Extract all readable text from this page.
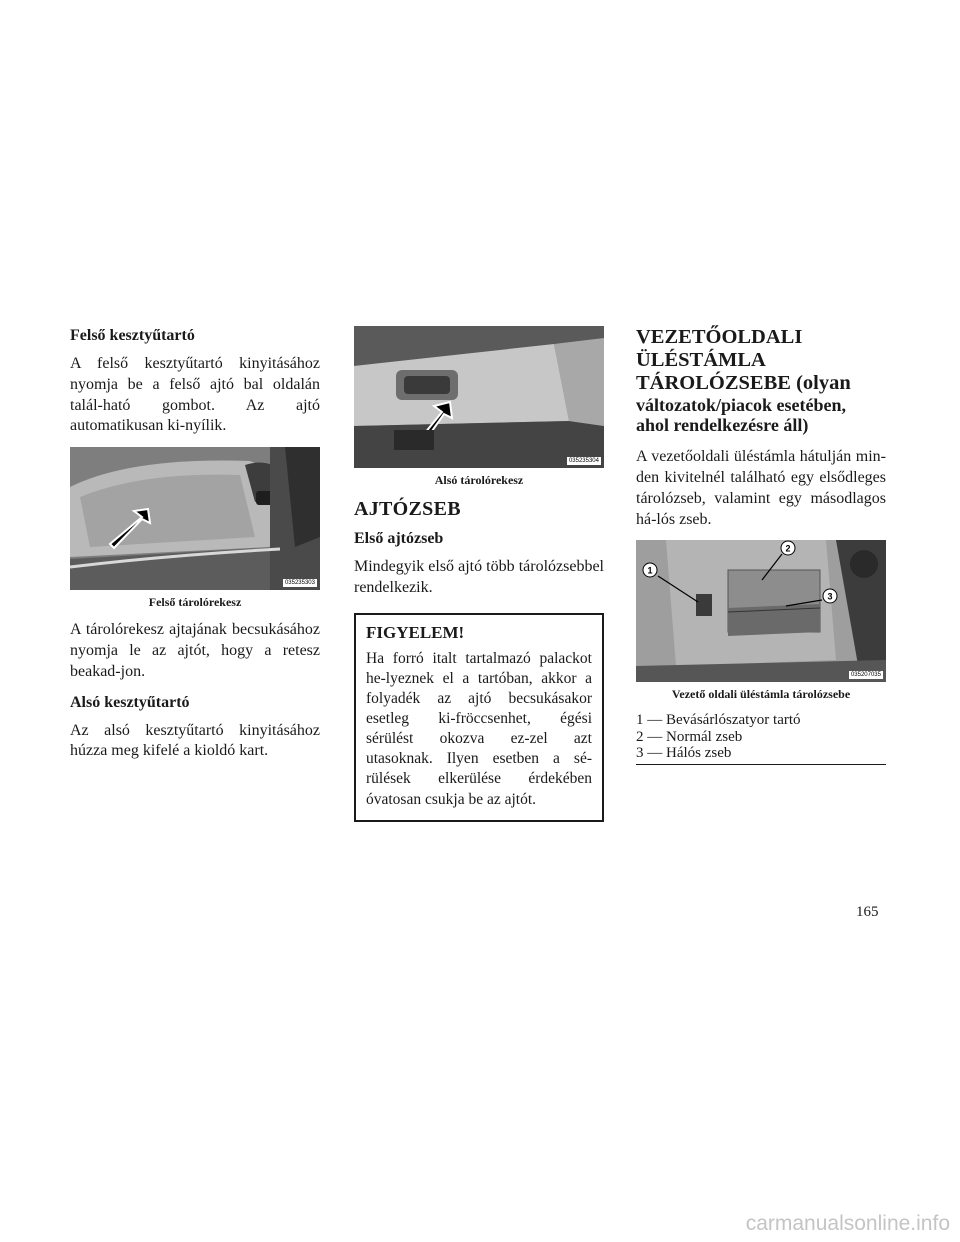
Felső kesztyűtartó

A felső kesztyűtartó kinyitásához nyomja be a felső ajtó bal oldalán talál-ható gombot. Az ajtó automatikusan ki-nyílik.

035235303
Felső tárolórekesz

A tárolórekesz ajtajának becsukásához nyomja le az ajtót, hogy a retesz beakad-jon.

Alsó kesztyűtartó

Az alsó kesztyűtartó kinyitásához húzza meg kifelé a kioldó kart.

035235304
Alsó tárolórekesz
AJTÓZSEB
Első ajtózseb

Mindegyik első ajtó több tárolózsebbel rendelkezik.

FIGYELEM!

Ha forró italt tartalmazó palackot he-lyeznek el a tartóban, akkor a folyadék az ajtó becsukásakor esetleg ki-fröccsenhet, égési sérülést okozva ez-zel azt utasoknak. Ilyen esetben a sé-rülések elkerülése érdekében óvatosan csukja be az ajtót.

VEZETŐOLDALI
ÜLÉSTÁMLA
TÁROLÓZSEBE (olyan
változatok/piacok esetében,
ahol rendelkezésre áll)

A vezetőoldali üléstámla hátulján min-den kivitelnél található egy elsődleges tárolózseb, valamint egy másodlagos há-lós zseb.

1
2
3
035207035
Vezető oldali üléstámla tárolózsebe
1 — Bevásárlószatyor tartó
2 — Normál zseb
3 — Hálós zseb
165
carmanualsonline.info
